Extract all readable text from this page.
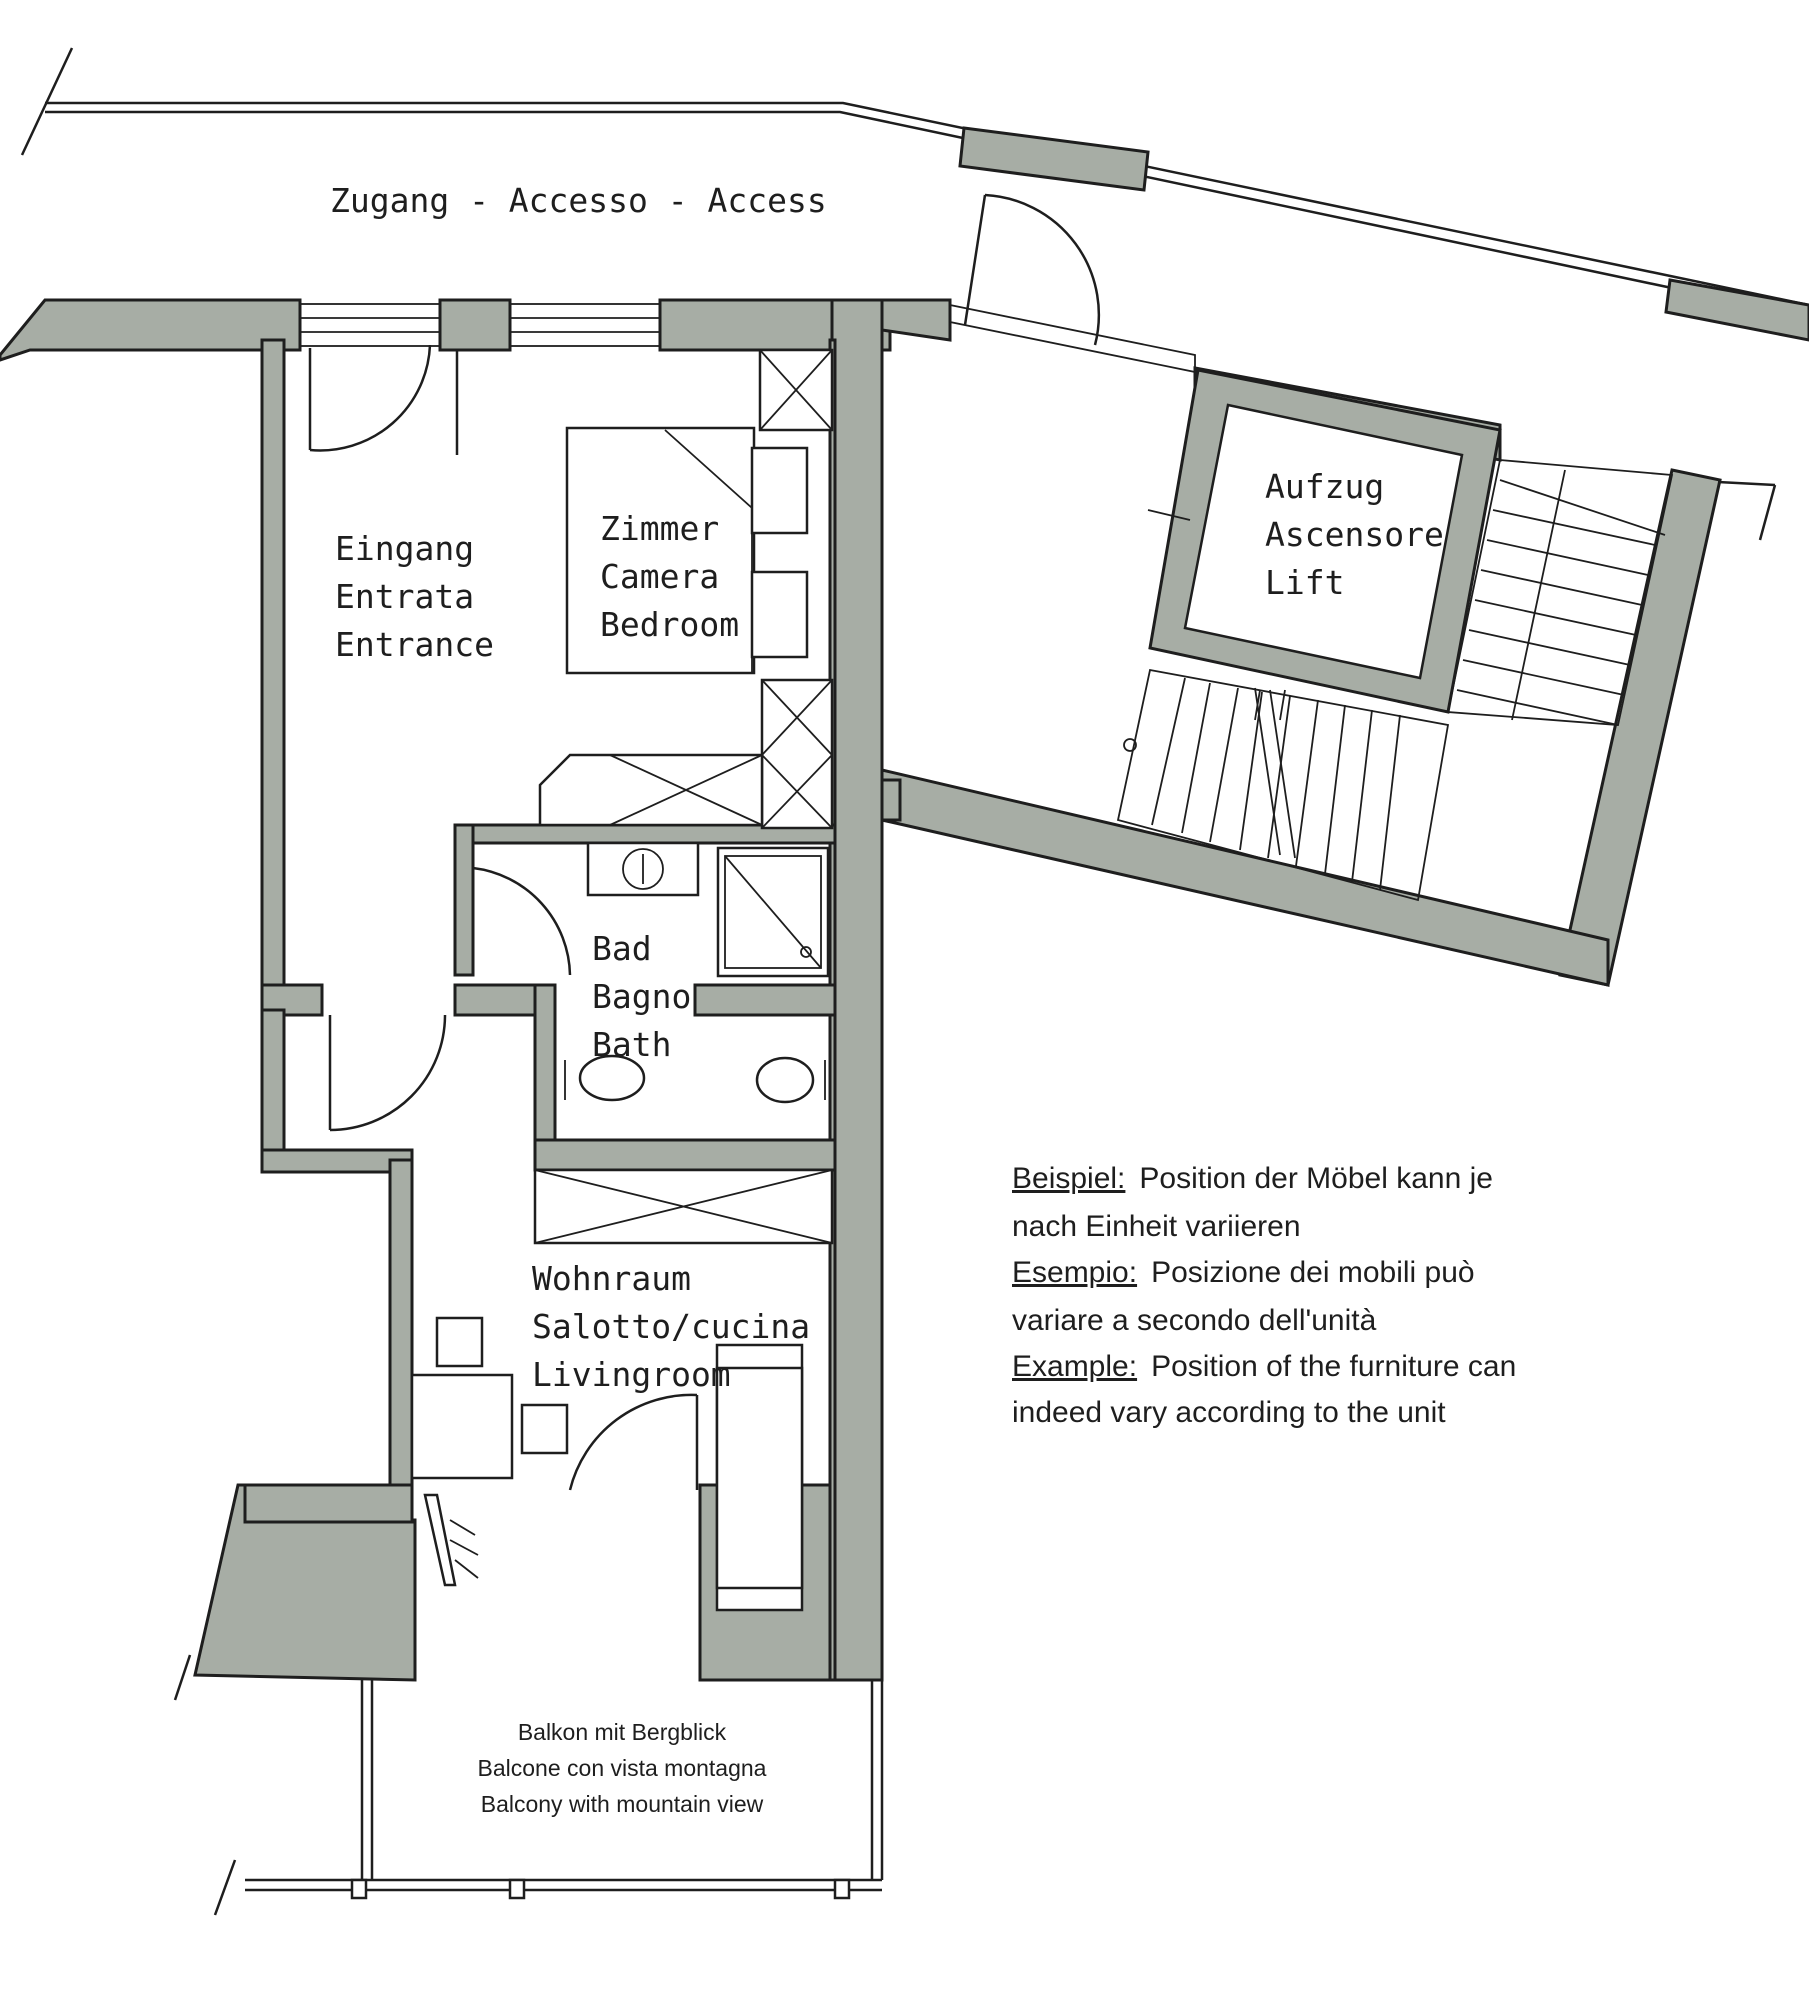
Zugang - Accesso - Access
Eingang
Entrata
Entrance
Zimmer
Camera
Bedroom
Aufzug
Ascensore
Lift
Bad
Bagno
Bath
Wohnraum
Salotto/cucina
Livingroom
Balkon mit Bergblick
Balcone con vista montagna
Balcony with mountain view
Beispiel: Position der Möbel kann je
nach Einheit variieren
Esempio: Posizione dei mobili può
variare a secondo dell'unità
Example: Position of the furniture can
indeed vary according to the unit
